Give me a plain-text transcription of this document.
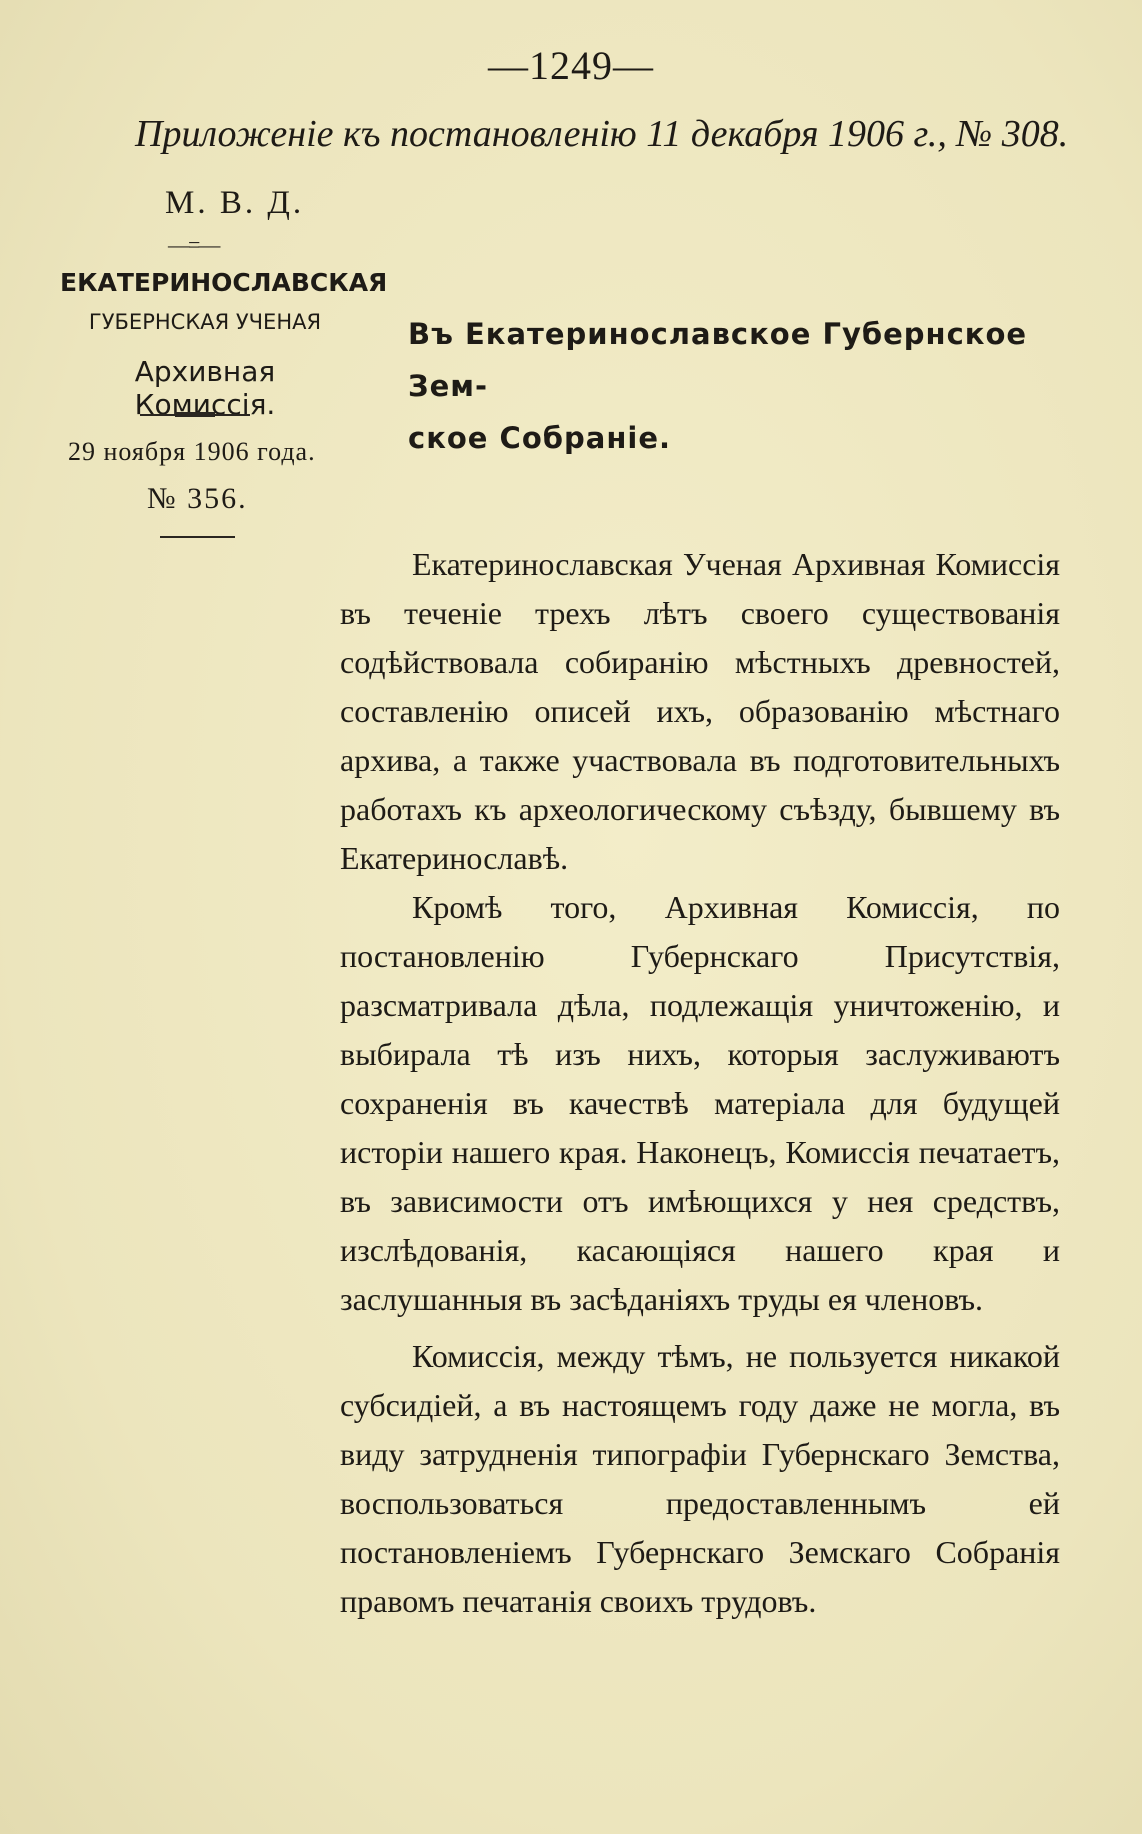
—1249—
Приложеніе къ постановленію 11 декабря 1906 г., № 308.
М. В. Д.
—=—
ЕКАТЕРИНОСЛАВСКАЯ
ГУБЕРНСКАЯ УЧЕНАЯ
Архивная Комиссія.
29 ноября 1906 года.
№ 356.
Въ Екатеринославское Губернское Зем-
ское Собраніе.

Екатеринославская Ученая Архивная Комиссія въ теченіе трехъ лѣтъ своего существованія содѣйствовала собиранію мѣстныхъ древностей, составленію описей ихъ, образованію мѣстнаго архива, а также участвовала въ подготовительныхъ работахъ къ археологическому съѣзду, бывшему въ Екатеринославѣ.

Кромѣ того, Архивная Комиссія, по постановленію Губернскаго Присутствія, разсматривала дѣла, подлежащія уничтоженію, и выбирала тѣ изъ нихъ, которыя заслуживаютъ сохраненія въ качествѣ матеріала для будущей исторіи нашего края. Наконецъ, Комиссія печатаетъ, въ зависимости отъ имѣющихся у нея средствъ, изслѣдованія, касающіяся нашего края и заслушанныя въ засѣданіяхъ труды ея членовъ.

Комиссія, между тѣмъ, не пользуется никакой субсидіей, а въ настоящемъ году даже не могла, въ виду затрудненія типографіи Губернскаго Земства, воспользоваться предоставленнымъ ей постановленіемъ Губернскаго Земскаго Собранія правомъ печатанія своихъ трудовъ.
